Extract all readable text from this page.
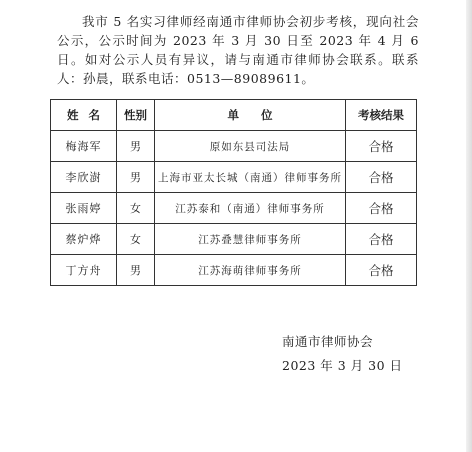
我市 5 名实习律师经南通市律师协会初步考核，现向社会公示，公示时间为 2023 年 3 月 30 日至 2023 年 4 月 6 日。如对公示人员有异议，请与南通市律师协会联系。联系人：孙晨，联系电话：0513—89089611。

姓名	性别	单位	考核结果
梅海军	男	原如东县司法局	合格
李欣澍	男	上海市亚太长城（南通）律师事务所	合格
张雨婷	女	江苏泰和（南通）律师事务所	合格
蔡炉烨	女	江苏叠慧律师事务所	合格
丁方舟	男	江苏海萌律师事务所	合格
南通市律师协会
2023 年 3 月 30 日
